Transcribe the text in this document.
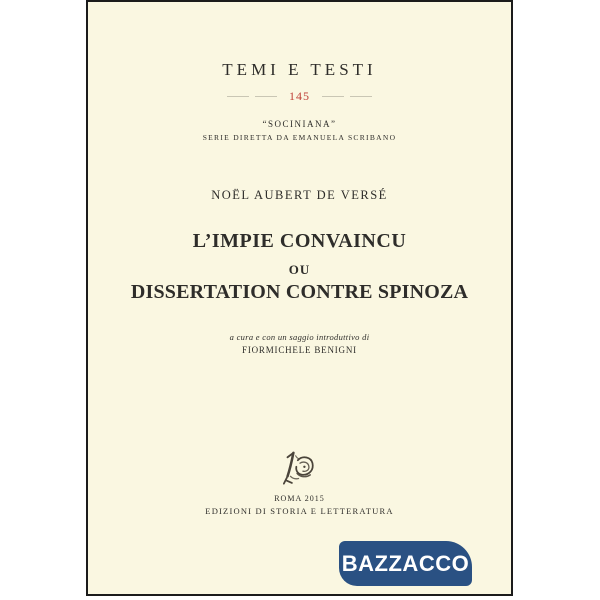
TEMI E TESTI
145
“SOCINIANA”
SERIE DIRETTA DA EMANUELA SCRIBANO
NOËL AUBERT DE VERSÉ
L’IMPIE CONVAINCU
OU
DISSERTATION CONTRE SPINOZA
a cura e con un saggio introduttivo di
FIORMICHELE BENIGNI
ROMA 2015
EDIZIONI DI STORIA E LETTERATURA
BAZZACCO
